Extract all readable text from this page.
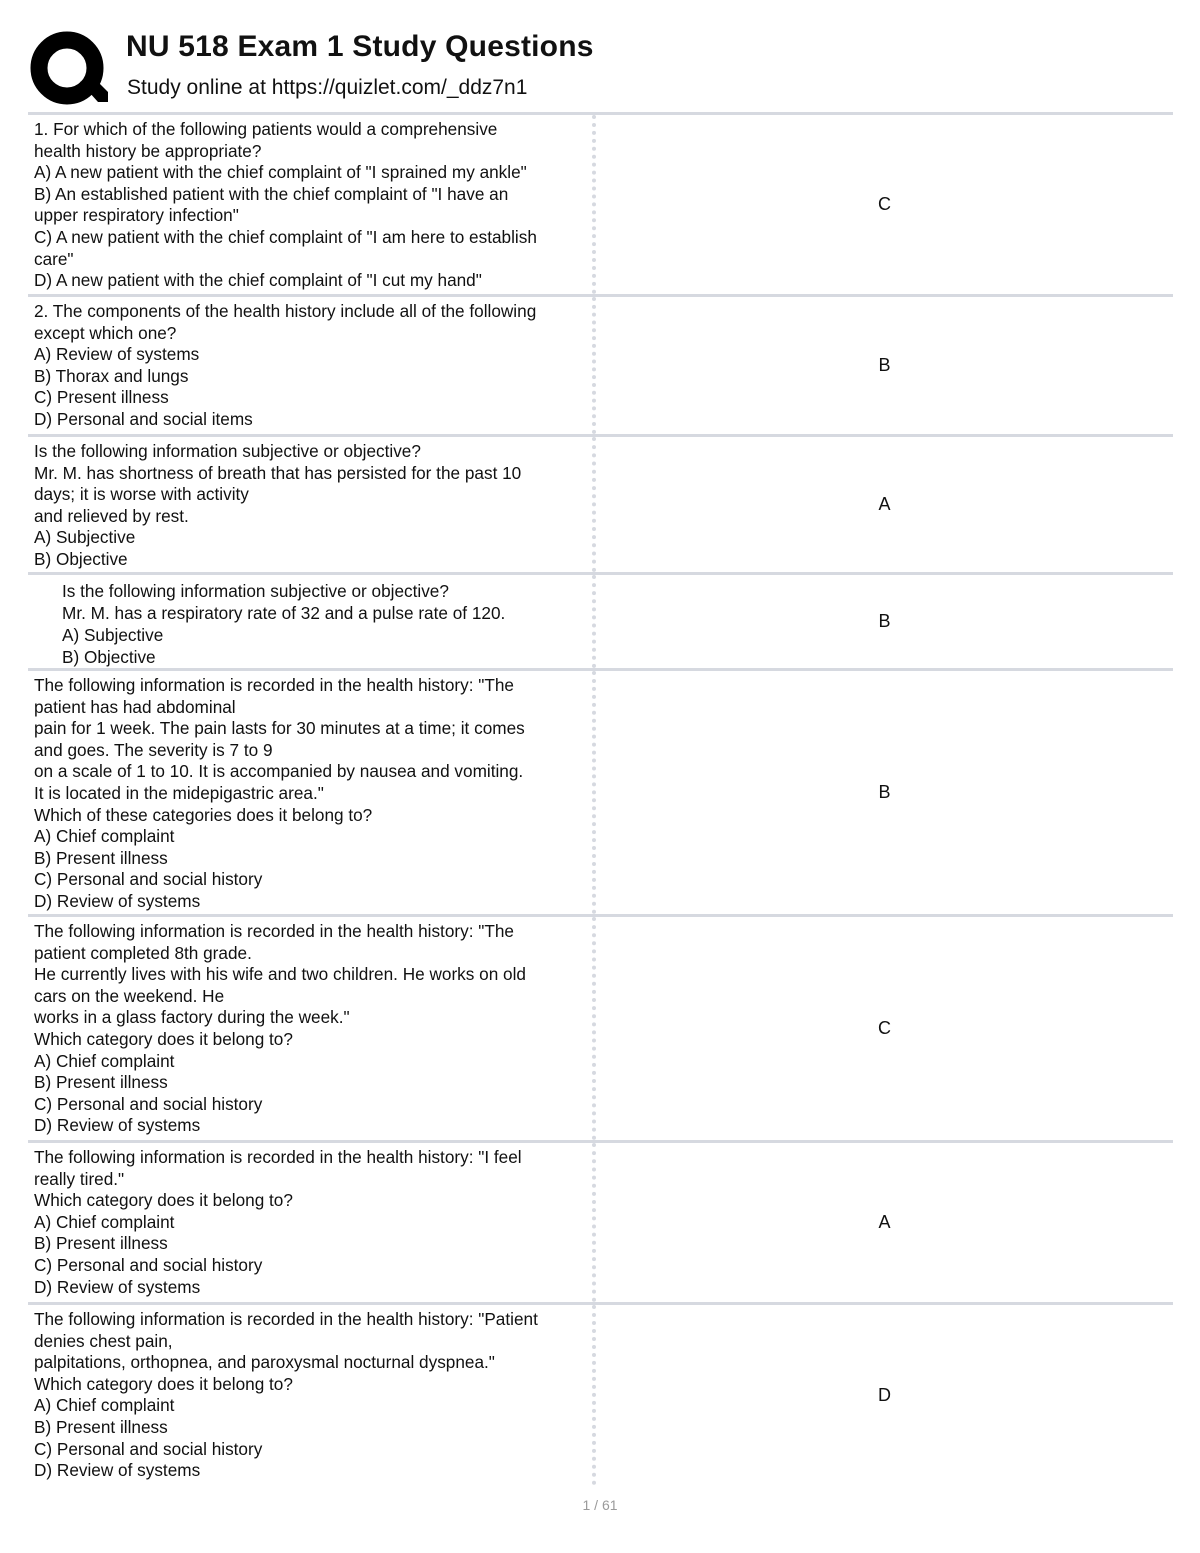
NU 518 Exam 1 Study Questions
Study online at https://quizlet.com/_ddz7n1
1. For which of the following patients would a comprehensive
health history be appropriate?
A) A new patient with the chief complaint of "I sprained my ankle"
B) An established patient with the chief complaint of "I have an
upper respiratory infection"
C) A new patient with the chief complaint of "I am here to establish
care"
D) A new patient with the chief complaint of "I cut my hand"
C
2. The components of the health history include all of the following
except which one?
A) Review of systems
B) Thorax and lungs
C) Present illness
D) Personal and social items
B
Is the following information subjective or objective?
Mr. M. has shortness of breath that has persisted for the past 10
days; it is worse with activity
and relieved by rest.
A) Subjective
B) Objective
A
Is the following information subjective or objective?
Mr. M. has a respiratory rate of 32 and a pulse rate of 120.
A) Subjective
B) Objective
B
The following information is recorded in the health history: "The
patient has had abdominal
pain for 1 week. The pain lasts for 30 minutes at a time; it comes
and goes. The severity is 7 to 9
on a scale of 1 to 10. It is accompanied by nausea and vomiting.
It is located in the midepigastric area."
Which of these categories does it belong to?
A) Chief complaint
B) Present illness
C) Personal and social history
D) Review of systems
B
The following information is recorded in the health history: "The
patient completed 8th grade.
He currently lives with his wife and two children. He works on old
cars on the weekend. He
works in a glass factory during the week."
Which category does it belong to?
A) Chief complaint
B) Present illness
C) Personal and social history
D) Review of systems
C
The following information is recorded in the health history: "I feel
really tired."
Which category does it belong to?
A) Chief complaint
B) Present illness
C) Personal and social history
D) Review of systems
A
The following information is recorded in the health history: "Patient
denies chest pain,
palpitations, orthopnea, and paroxysmal nocturnal dyspnea."
Which category does it belong to?
A) Chief complaint
B) Present illness
C) Personal and social history
D) Review of systems
D
1 / 61
